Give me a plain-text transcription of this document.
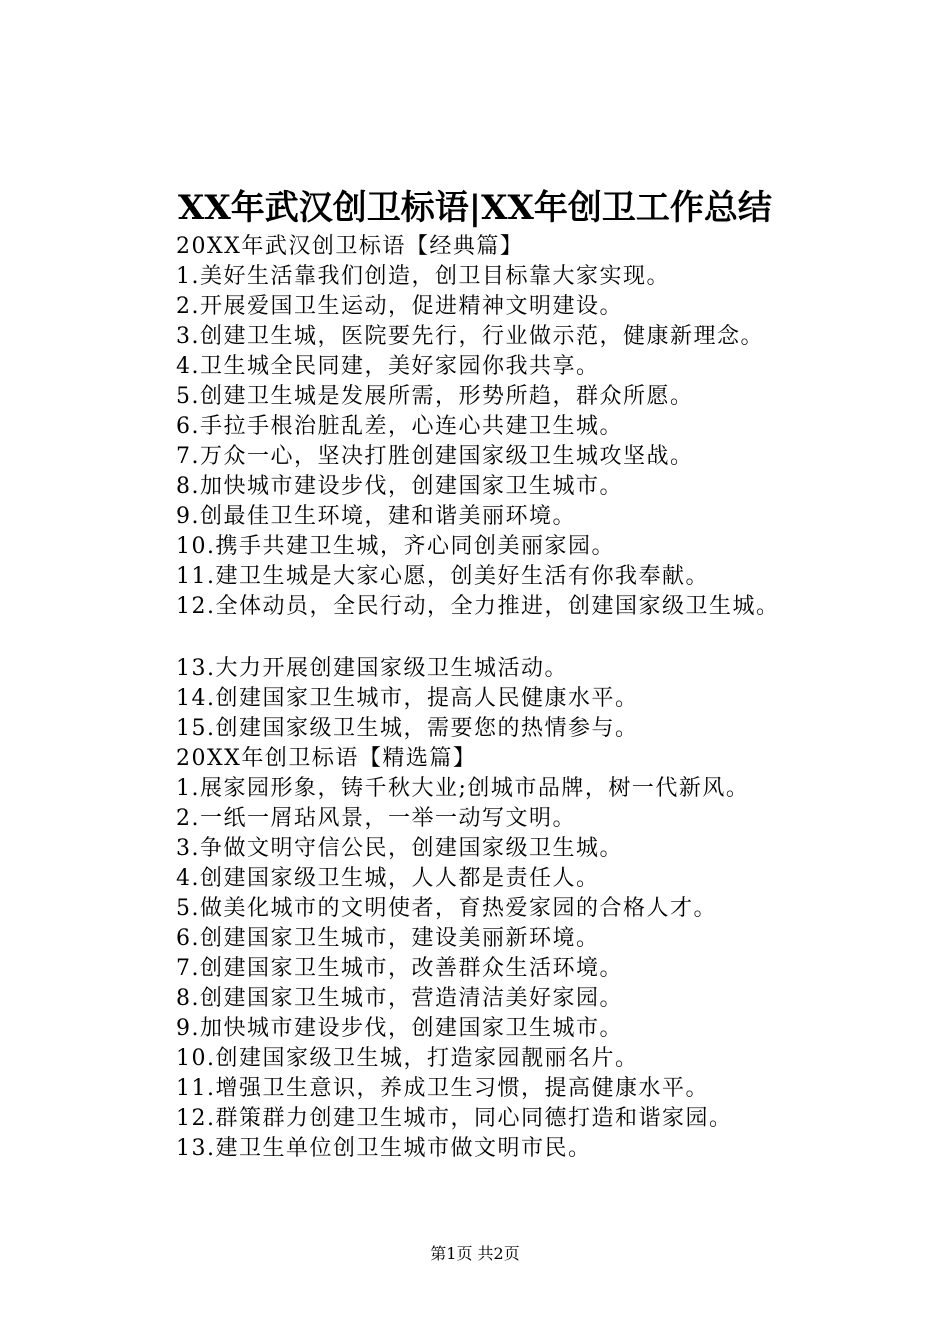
XX年武汉创卫标语|XX年创卫工作总结
20XX年武汉创卫标语【经典篇】
1.美好生活靠我们创造，创卫目标靠大家实现。
2.开展爱国卫生运动，促进精神文明建设。
3.创建卫生城，医院要先行，行业做示范，健康新理念。
4.卫生城全民同建，美好家园你我共享。
5.创建卫生城是发展所需，形势所趋，群众所愿。
6.手拉手根治脏乱差，心连心共建卫生城。
7.万众一心，坚决打胜创建国家级卫生城攻坚战。
8.加快城市建设步伐，创建国家卫生城市。
9.创最佳卫生环境，建和谐美丽环境。
10.携手共建卫生城，齐心同创美丽家园。
11.建卫生城是大家心愿，创美好生活有你我奉献。
12.全体动员，全民行动，全力推进，创建国家级卫生城。
13.大力开展创建国家级卫生城活动。
14.创建国家卫生城市，提高人民健康水平。
15.创建国家级卫生城，需要您的热情参与。
20XX年创卫标语【精选篇】
1.展家园形象，铸千秋大业;创城市品牌，树一代新风。
2.一纸一屑玷风景，一举一动写文明。
3.争做文明守信公民，创建国家级卫生城。
4.创建国家级卫生城，人人都是责任人。
5.做美化城市的文明使者，育热爱家园的合格人才。
6.创建国家卫生城市，建设美丽新环境。
7.创建国家卫生城市，改善群众生活环境。
8.创建国家卫生城市，营造清洁美好家园。
9.加快城市建设步伐，创建国家卫生城市。
10.创建国家级卫生城，打造家园靓丽名片。
11.增强卫生意识，养成卫生习惯，提高健康水平。
12.群策群力创建卫生城市，同心同德打造和谐家园。
13.建卫生单位创卫生城市做文明市民。
第1页 共2页
